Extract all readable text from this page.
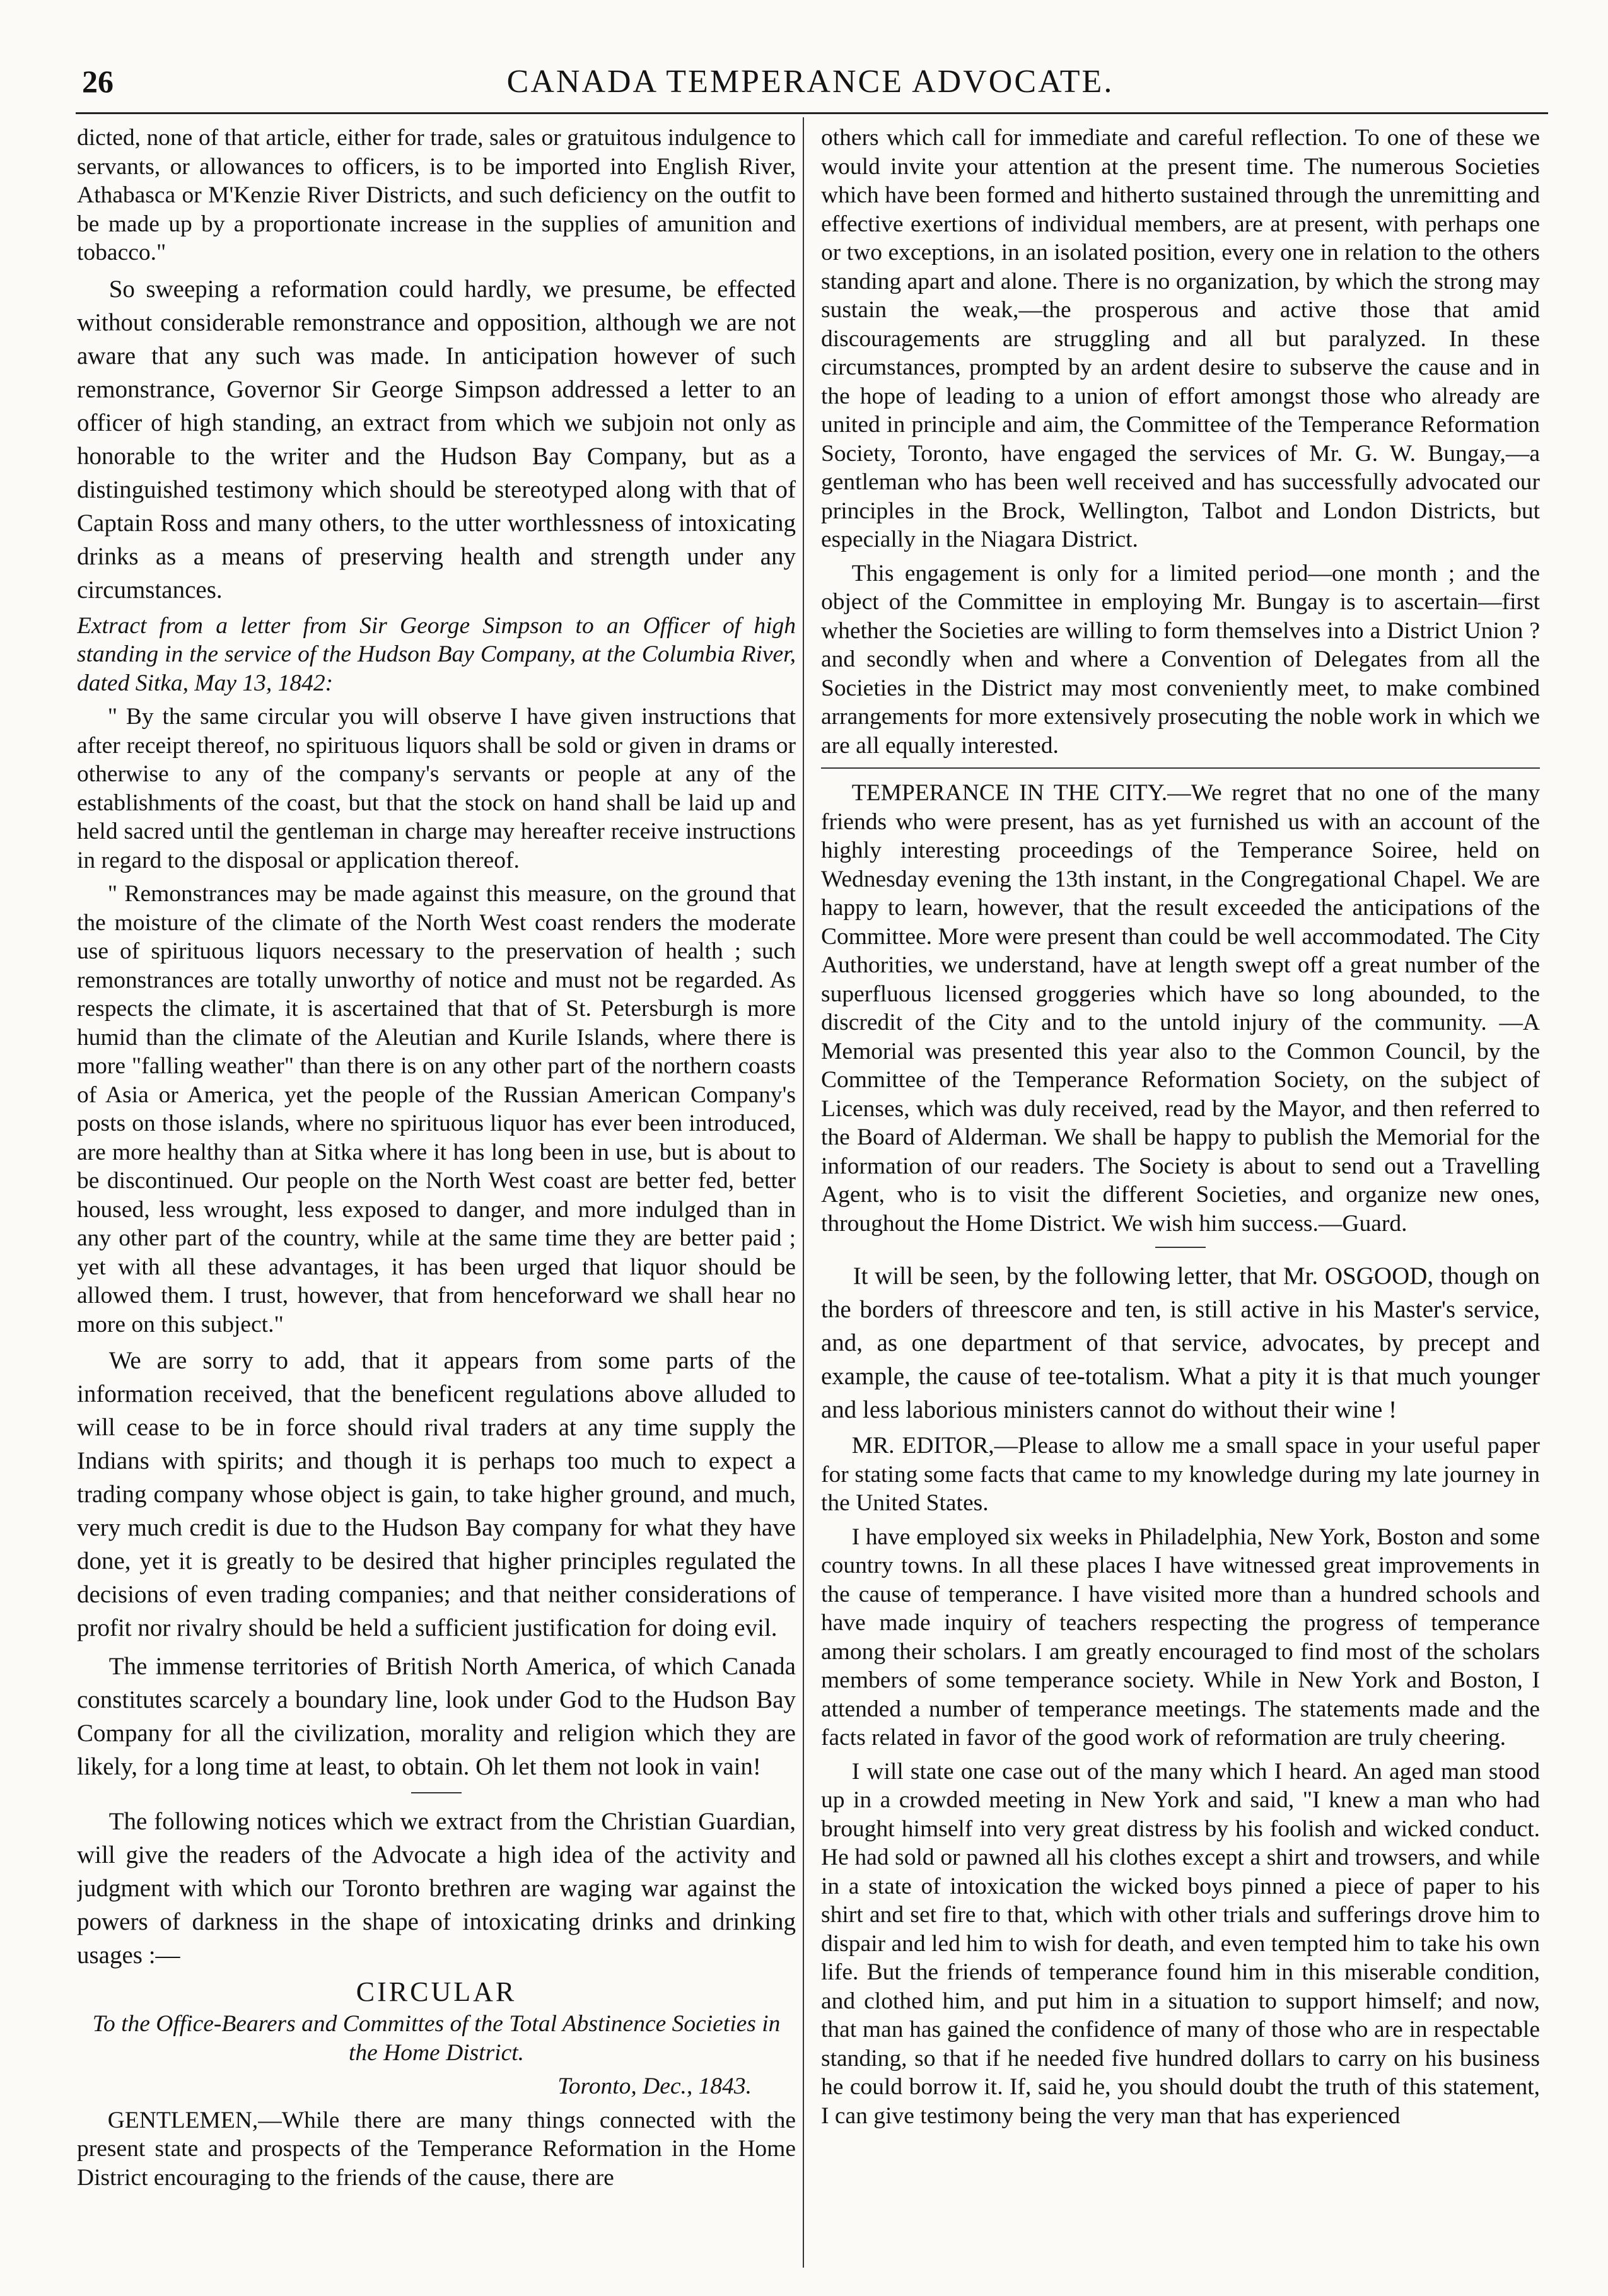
26	CANADA TEMPERANCE ADVOCATE.

dicted, none of that article, either for trade, sales or gratuitous indulgence to servants, or allowances to officers, is to be imported into English River, Athabasca or M'Kenzie River Districts, and such deficiency on the outfit to be made up by a proportionate increase in the supplies of amunition and tobacco."

So sweeping a reformation could hardly, we presume, be effected without considerable remonstrance and opposition, although we are not aware that any such was made. In anticipation however of such remonstrance, Governor Sir George Simpson addressed a letter to an officer of high standing, an extract from which we subjoin not only as honorable to the writer and the Hudson Bay Company, but as a distinguished testimony which should be stereotyped along with that of Captain Ross and many others, to the utter worthlessness of intoxicating drinks as a means of preserving health and strength under any circumstances.

Extract from a letter from Sir George Simpson to an Officer of high standing in the service of the Hudson Bay Company, at the Columbia River, dated Sitka, May 13, 1842:

" By the same circular you will observe I have given instructions that after receipt thereof, no spirituous liquors shall be sold or given in drams or otherwise to any of the company's servants or people at any of the establishments of the coast, but that the stock on hand shall be laid up and held sacred until the gentleman in charge may hereafter receive instructions in regard to the disposal or application thereof.

" Remonstrances may be made against this measure, on the ground that the moisture of the climate of the North West coast renders the moderate use of spirituous liquors necessary to the preservation of health ; such remonstrances are totally unworthy of notice and must not be regarded. As respects the climate, it is ascertained that that of St. Petersburgh is more humid than the climate of the Aleutian and Kurile Islands, where there is more "falling weather" than there is on any other part of the northern coasts of Asia or America, yet the people of the Russian American Company's posts on those islands, where no spirituous liquor has ever been introduced, are more healthy than at Sitka where it has long been in use, but is about to be discontinued. Our people on the North West coast are better fed, better housed, less wrought, less exposed to danger, and more indulged than in any other part of the country, while at the same time they are better paid ; yet with all these advantages, it has been urged that liquor should be allowed them. I trust, however, that from henceforward we shall hear no more on this subject."

We are sorry to add, that it appears from some parts of the information received, that the beneficent regulations above alluded to will cease to be in force should rival traders at any time supply the Indians with spirits; and though it is perhaps too much to expect a trading company whose object is gain, to take higher ground, and much, very much credit is due to the Hudson Bay company for what they have done, yet it is greatly to be desired that higher principles regulated the decisions of even trading companies; and that neither considerations of profit nor rivalry should be held a sufficient justification for doing evil.

The immense territories of British North America, of which Canada constitutes scarcely a boundary line, look under God to the Hudson Bay Company for all the civilization, morality and religion which they are likely, for a long time at least, to obtain. Oh let them not look in vain!

The following notices which we extract from the Christian Guardian, will give the readers of the Advocate a high idea of the activity and judgment with which our Toronto brethren are waging war against the powers of darkness in the shape of intoxicating drinks and drinking usages :—

CIRCULAR

To the Office-Bearers and Committes of the Total Abstinence Societies in the Home District.

Toronto, Dec., 1843.

GENTLEMEN,—While there are many things connected with the present state and prospects of the Temperance Reformation in the Home District encouraging to the friends of the cause, there are

others which call for immediate and careful reflection. To one of these we would invite your attention at the present time. The numerous Societies which have been formed and hitherto sustained through the unremitting and effective exertions of individual members, are at present, with perhaps one or two exceptions, in an isolated position, every one in relation to the others standing apart and alone. There is no organization, by which the strong may sustain the weak,—the prosperous and active those that amid discouragements are struggling and all but paralyzed. In these circumstances, prompted by an ardent desire to subserve the cause and in the hope of leading to a union of effort amongst those who already are united in principle and aim, the Committee of the Temperance Reformation Society, Toronto, have engaged the services of Mr. G. W. Bungay,—a gentleman who has been well received and has successfully advocated our principles in the Brock, Wellington, Talbot and London Districts, but especially in the Niagara District.

This engagement is only for a limited period—one month ; and the object of the Committee in employing Mr. Bungay is to ascertain—first whether the Societies are willing to form themselves into a District Union ? and secondly when and where a Convention of Delegates from all the Societies in the District may most conveniently meet, to make combined arrangements for more extensively prosecuting the noble work in which we are all equally interested.

TEMPERANCE IN THE CITY.—We regret that no one of the many friends who were present, has as yet furnished us with an account of the highly interesting proceedings of the Temperance Soiree, held on Wednesday evening the 13th instant, in the Congregational Chapel. We are happy to learn, however, that the result exceeded the anticipations of the Committee. More were present than could be well accommodated. The City Authorities, we understand, have at length swept off a great number of the superfluous licensed groggeries which have so long abounded, to the discredit of the City and to the untold injury of the community. —A Memorial was presented this year also to the Common Council, by the Committee of the Temperance Reformation Society, on the subject of Licenses, which was duly received, read by the Mayor, and then referred to the Board of Alderman. We shall be happy to publish the Memorial for the information of our readers. The Society is about to send out a Travelling Agent, who is to visit the different Societies, and organize new ones, throughout the Home District. We wish him success.—Guard.

It will be seen, by the following letter, that Mr. OSGOOD, though on the borders of threescore and ten, is still active in his Master's service, and, as one department of that service, advocates, by precept and example, the cause of tee-totalism. What a pity it is that much younger and less laborious ministers cannot do without their wine !

MR. EDITOR,—Please to allow me a small space in your useful paper for stating some facts that came to my knowledge during my late journey in the United States.

I have employed six weeks in Philadelphia, New York, Boston and some country towns. In all these places I have witnessed great improvements in the cause of temperance. I have visited more than a hundred schools and have made inquiry of teachers respecting the progress of temperance among their scholars. I am greatly encouraged to find most of the scholars members of some temperance society. While in New York and Boston, I attended a number of temperance meetings. The statements made and the facts related in favor of the good work of reformation are truly cheering.

I will state one case out of the many which I heard. An aged man stood up in a crowded meeting in New York and said, "I knew a man who had brought himself into very great distress by his foolish and wicked conduct. He had sold or pawned all his clothes except a shirt and trowsers, and while in a state of intoxication the wicked boys pinned a piece of paper to his shirt and set fire to that, which with other trials and sufferings drove him to dispair and led him to wish for death, and even tempted him to take his own life. But the friends of temperance found him in this miserable condition, and clothed him, and put him in a situation to support himself; and now, that man has gained the confidence of many of those who are in respectable standing, so that if he needed five hundred dollars to carry on his business he could borrow it. If, said he, you should doubt the truth of this statement, I can give testimony being the very man that has experienced
